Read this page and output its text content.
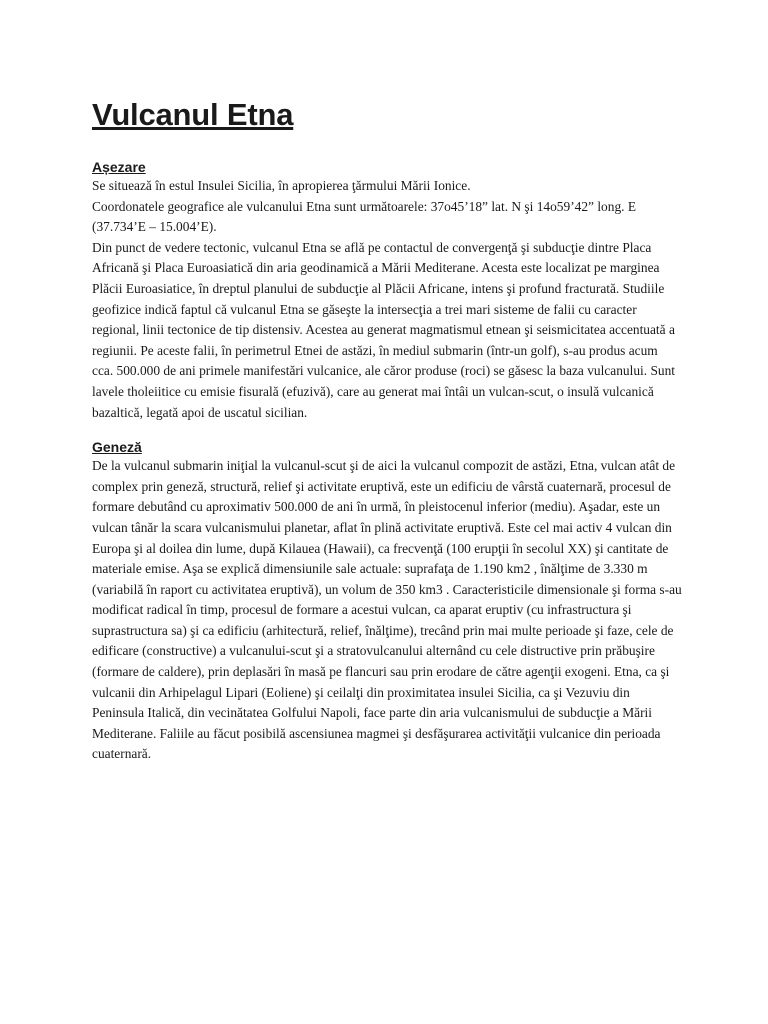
Vulcanul Etna
Așezare

Se situează în estul Insulei Sicilia, în apropierea ţărmului Mării Ionice.

Coordonatele geografice ale vulcanului Etna sunt următoarele: 37o45’18” lat. N şi 14o59’42” long. E (37.734’E – 15.004’E).

Din punct de vedere tectonic, vulcanul Etna se află pe contactul de convergenţă şi subducţie dintre Placa Africană şi Placa Euroasiatică din aria geodinamică a Mării Mediterane. Acesta este localizat pe marginea Plăcii Euroasiatice, în dreptul planului de subducţie al Plăcii Africane, intens şi profund fracturată. Studiile geofizice indică faptul că vulcanul Etna se găseşte la intersecţia a trei mari sisteme de falii cu caracter regional, linii tectonice de tip distensiv. Acestea au generat magmatismul etnean şi seismicitatea accentuată a regiunii. Pe aceste falii, în perimetrul Etnei de astăzi, în mediul submarin (într-un golf), s-au produs acum cca. 500.000 de ani primele manifestări vulcanice, ale căror produse (roci) se găsesc la baza vulcanului. Sunt lavele tholeiitice cu emisie fisurală (efuzivă), care au generat mai întâi un vulcan-scut, o insulă vulcanică bazaltică, legată apoi de uscatul sicilian.

Geneză

De la vulcanul submarin iniţial la vulcanul-scut şi de aici la vulcanul compozit de astăzi, Etna, vulcan atât de complex prin geneză, structură, relief şi activitate eruptivă, este un edificiu de vârstă cuaternară, procesul de formare debutând cu aproximativ 500.000 de ani în urmă, în pleistocenul inferior (mediu). Aşadar, este un vulcan tânăr la scara vulcanismului planetar, aflat în plină activitate eruptivă. Este cel mai activ 4 vulcan din Europa şi al doilea din lume, după Kilauea (Hawaii), ca frecvenţă (100 erupţii în secolul XX) şi cantitate de materiale emise. Aşa se explică dimensiunile sale actuale: suprafaţa de 1.190 km2 , înălţime de 3.330 m (variabilă în raport cu activitatea eruptivă), un volum de 350 km3 . Caracteristicile dimensionale şi forma s-au modificat radical în timp, procesul de formare a acestui vulcan, ca aparat eruptiv (cu infrastructura şi suprastructura sa) şi ca edificiu (arhitectură, relief, înălţime), trecând prin mai multe perioade şi faze, cele de edificare (constructive) a vulcanului-scut şi a stratovulcanului alternând cu cele distructive prin prăbuşire (formare de caldere), prin deplasări în masă pe flancuri sau prin erodare de către agenţii exogeni. Etna, ca şi vulcanii din Arhipelagul Lipari (Eoliene) şi ceilalţi din proximitatea insulei Sicilia, ca şi Vezuviu din Peninsula Italică, din vecinătatea Golfului Napoli, face parte din aria vulcanismului de subducţie a Mării Mediterane. Faliile au făcut posibilă ascensiunea magmei şi desfăşurarea activităţii vulcanice din perioada cuaternară.
